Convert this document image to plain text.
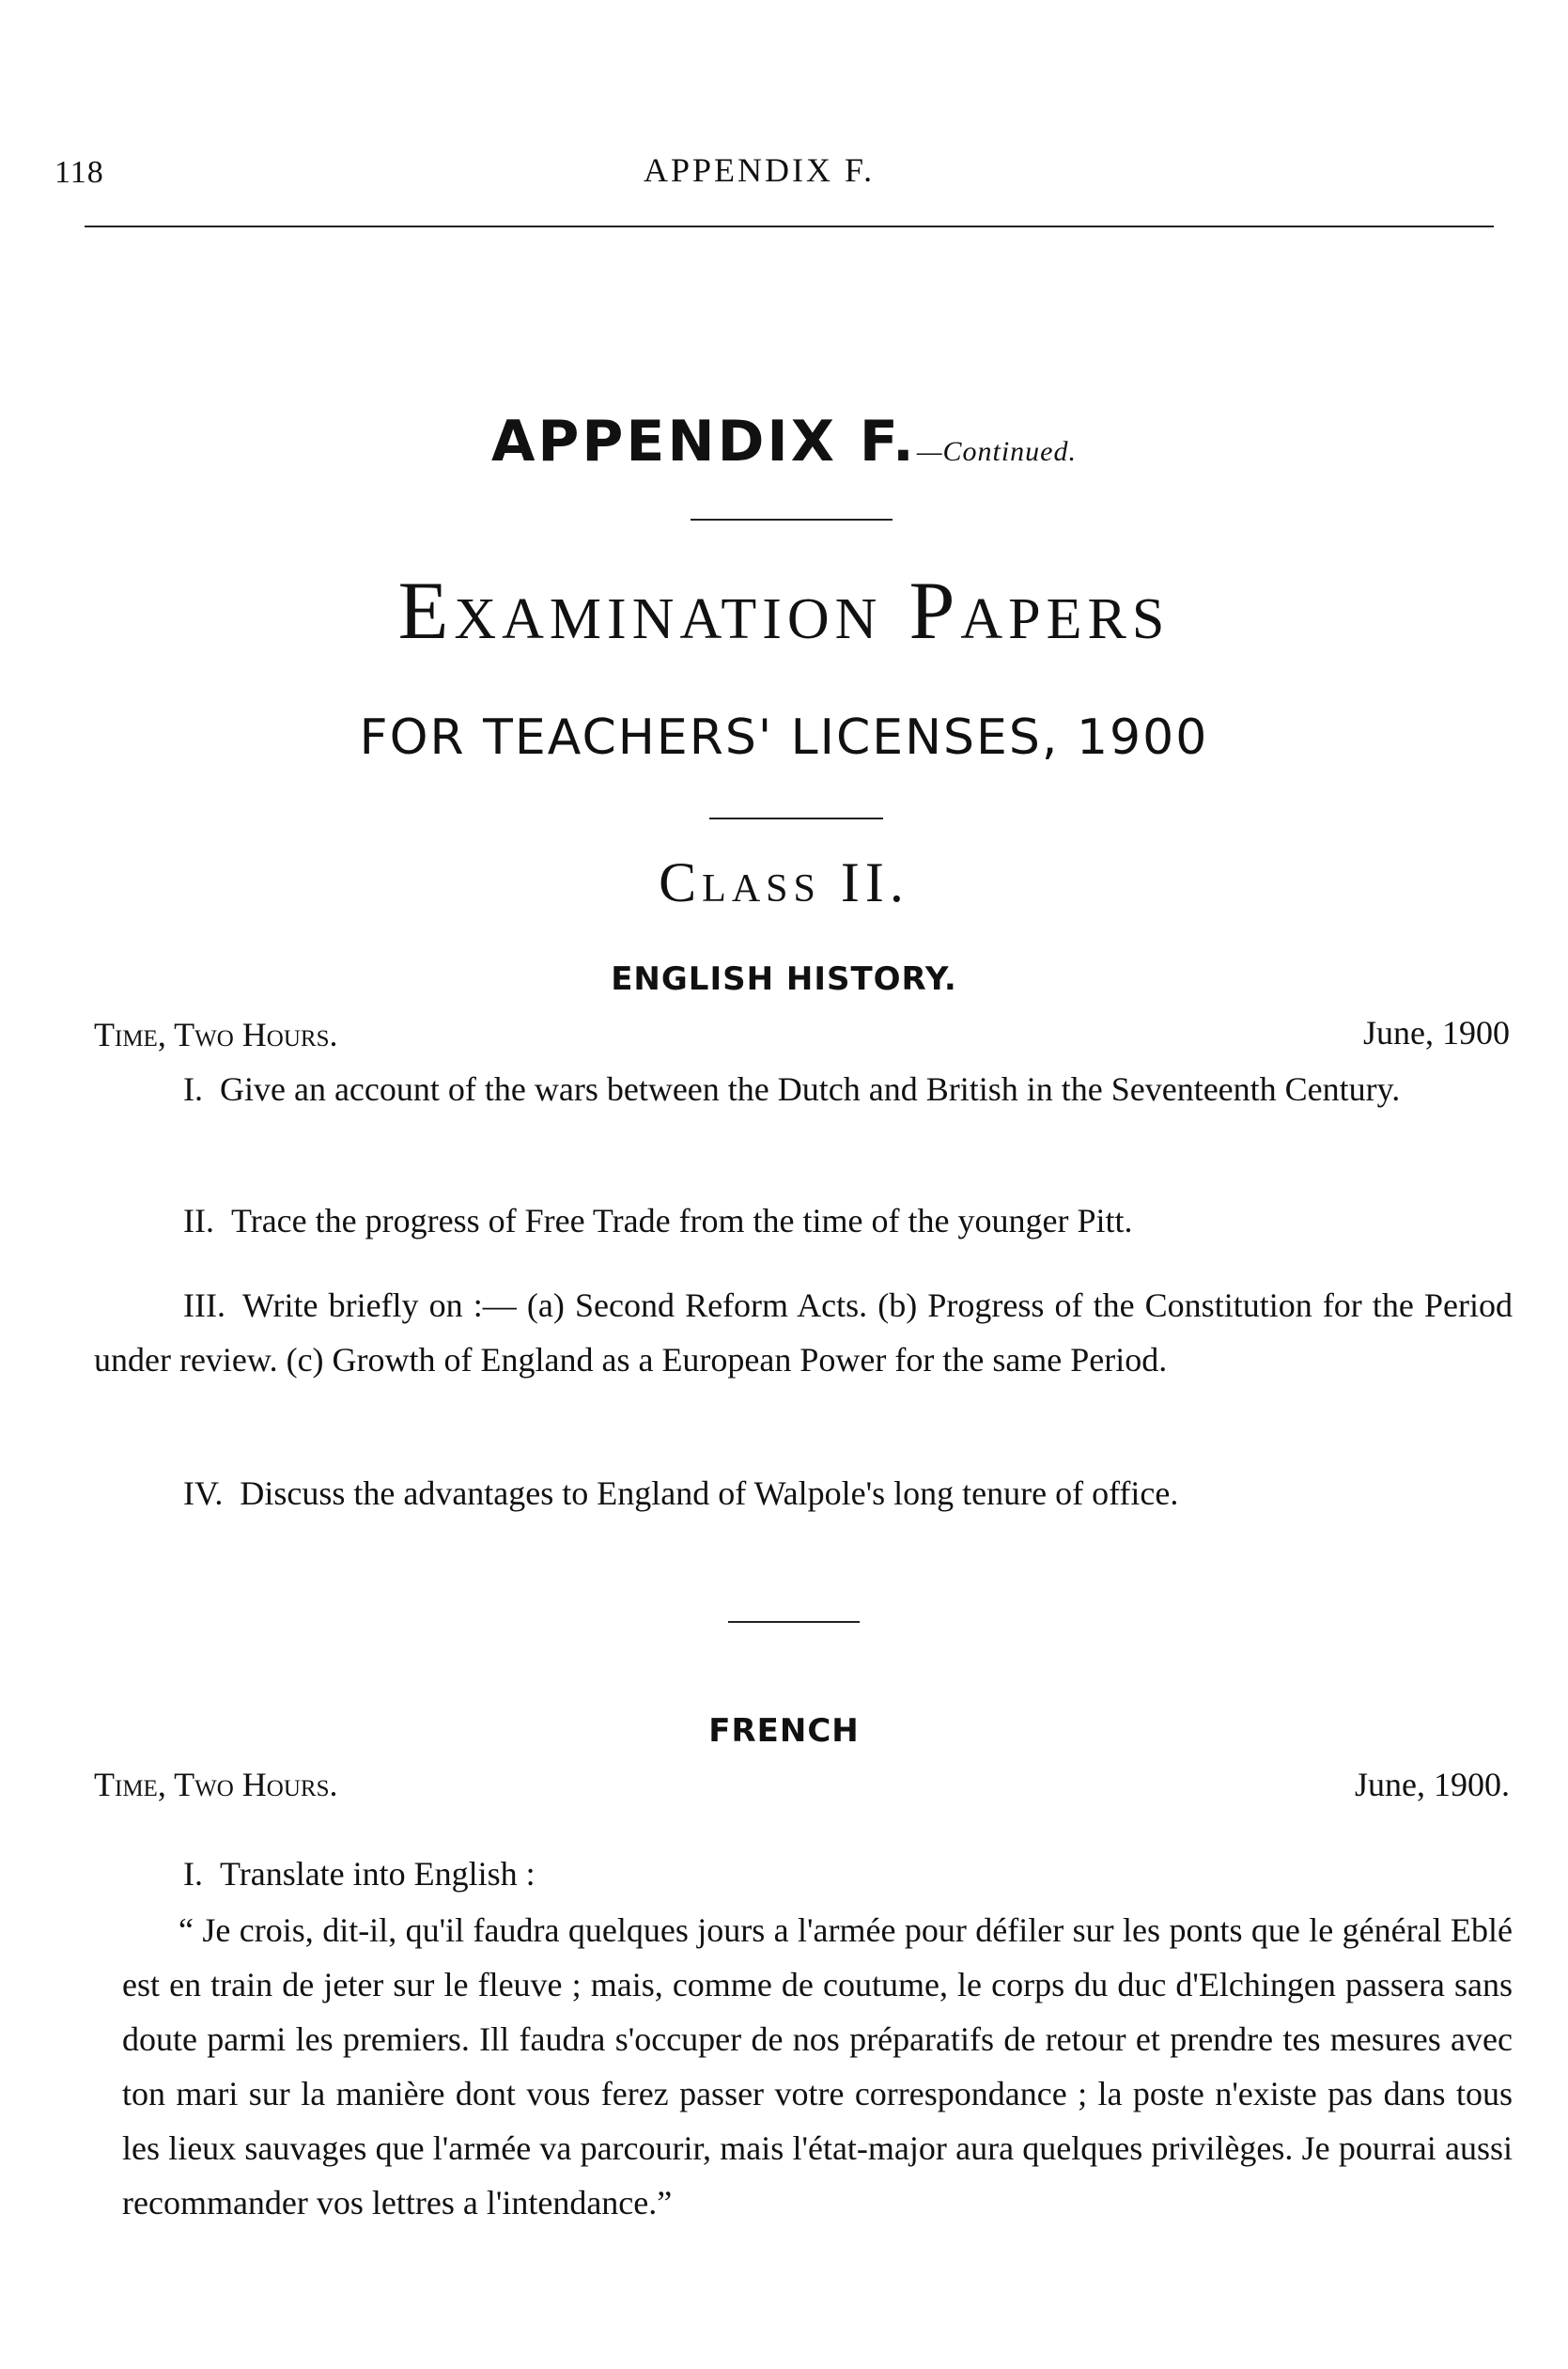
118	APPENDIX F.
APPENDIX F.—Continued.
Examination Papers
FOR TEACHERS' LICENSES, 1900
Class II.
ENGLISH HISTORY.
Time, Two Hours.	June, 1900
I. Give an account of the wars between the Dutch and British in the Seventeenth Century.
II. Trace the progress of Free Trade from the time of the younger Pitt.
III. Write briefly on :— (a) Second Reform Acts. (b) Progress of the Constitution for the Period under review. (c) Growth of England as a European Power for the same Period.
IV. Discuss the advantages to England of Walpole's long tenure of office.
FRENCH
Time, Two Hours.	June, 1900.
I. Translate into English :
“ Je crois, dit-il, qu'il faudra quelques jours a l'armée pour défiler sur les ponts que le général Eblé est en train de jeter sur le fleuve ; mais, comme de coutume, le corps du duc d'Elchingen passera sans doute parmi les premiers. Ill faudra s'occuper de nos préparatifs de retour et prendre tes mesures avec ton mari sur la manière dont vous ferez passer votre correspondance ; la poste n'existe pas dans tous les lieux sauvages que l'armée va parcourir, mais l'état-major aura quelques privilèges. Je pourrai aussi recommander vos lettres a l'intendance.”
